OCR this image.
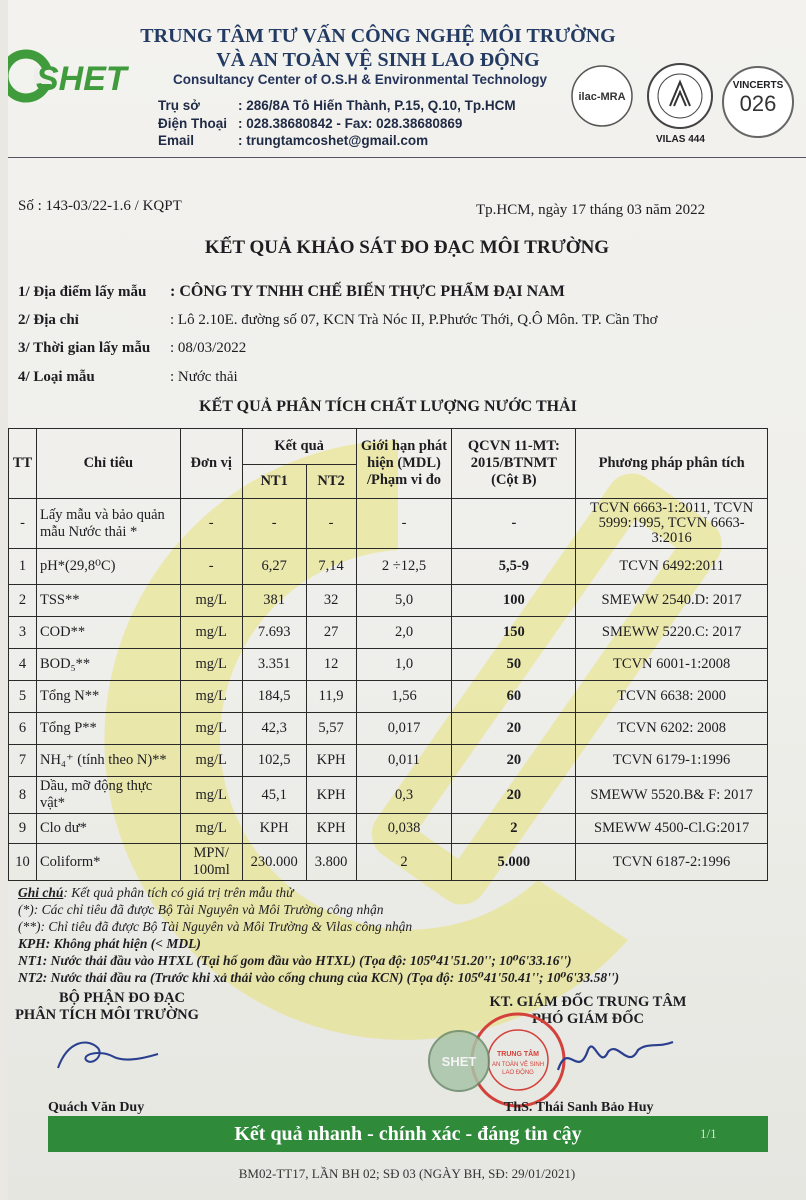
SHET
TRUNG TÂM TƯ VẤN CÔNG NGHỆ MÔI TRƯỜNG
VÀ AN TOÀN VỆ SINH LAO ĐỘNG
Consultancy Center of O.S.H & Environmental Technology
Trụ sở	: 286/8A Tô Hiến Thành, P.15, Q.10, Tp.HCM
Điện Thoại : 028.38680842 - Fax: 028.38680869
Email	: trungtamcoshet@gmail.com
ilac-MRA
VILAS 444
VINCERTS
026
Số : 143-03/22-1.6 / KQPT	Tp.HCM, ngày 17 tháng 03 năm 2022
KẾT QUẢ KHẢO SÁT ĐO ĐẠC MÔI TRƯỜNG
1/ Địa điểm lấy mẫu : CÔNG TY TNHH CHẾ BIẾN THỰC PHẨM ĐẠI NAM
2/ Địa chỉ	: Lô 2.10E. đường số 07, KCN Trà Nóc II, P.Phước Thới, Q.Ô Môn. TP. Cần Thơ
3/ Thời gian lấy mẫu : 08/03/2022
4/ Loại mẫu	: Nước thải
KẾT QUẢ PHÂN TÍCH CHẤT LƯỢNG NƯỚC THẢI
TT	Chỉ tiêu	Đơn vị	Kết quả		Giới hạn phát hiện (MDL) /Phạm vi đo	QCVN 11-MT: 2015/BTNMT (Cột B)	Phương pháp phân tích
			NT1	NT2			
-	Lấy mẫu và bảo quản mẫu Nước thải *	-	-	-	-	-	TCVN 6663-1:2011, TCVN 5999:1995, TCVN 6663-3:2016
1	pH*(29,8⁰C)	-	6,27	7,14	2 ÷12,5	5,5-9	TCVN 6492:2011
2	TSS**	mg/L	381	32	5,0	100	SMEWW 2540.D: 2017
3	COD**	mg/L	7.693	27	2,0	150	SMEWW 5220.C: 2017
4	BOD₅**	mg/L	3.351	12	1,0	50	TCVN 6001-1:2008
5	Tổng N**	mg/L	184,5	11,9	1,56	60	TCVN 6638: 2000
6	Tổng P**	mg/L	42,3	5,57	0,017	20	TCVN 6202: 2008
7	NH₄⁺ (tính theo N)**	mg/L	102,5	KPH	0,011	20	TCVN 6179-1:1996
8	Dầu, mỡ động thực vật*	mg/L	45,1	KPH	0,3	20	SMEWW 5520.B& F: 2017
9	Clo dư*	mg/L	KPH	KPH	0,038	2	SMEWW 4500-Cl.G:2017
10	Coliform*	MPN/ 100ml	230.000	3.800	2	5.000	TCVN 6187-2:1996
Ghi chú: Kết quả phân tích có giá trị trên mẫu thử
(*): Các chỉ tiêu đã được Bộ Tài Nguyên và Môi Trường công nhận
(**): Chỉ tiêu đã được Bộ Tài Nguyên và Môi Trường & Vilas công nhận
KPH: Không phát hiện (< MDL)
NT1: Nước thải đầu vào HTXL (Tại hố gom đầu vào HTXL) (Tọa độ: 105⁰41'51.20''; 10⁰6'33.16'')
NT2: Nước thải đầu ra (Trước khi xả thải vào cống chung của KCN) (Tọa độ: 105⁰41'50.41''; 10⁰6'33.58'')
BỘ PHẬN ĐO ĐẠC
PHÂN TÍCH MÔI TRƯỜNG
Quách Văn Duy
KT. GIÁM ĐỐC TRUNG TÂM
PHÓ GIÁM ĐỐC
TRUNG TÂM
AN TOÀN VỆ SINH
LAO ĐỘNG
SHET
ThS. Thái Sanh Bảo Huy
Kết quả nhanh - chính xác - đáng tin cậy	1/1
BM02-TT17, LẦN BH 02; SĐ 03 (NGÀY BH, SĐ: 29/01/2021)
